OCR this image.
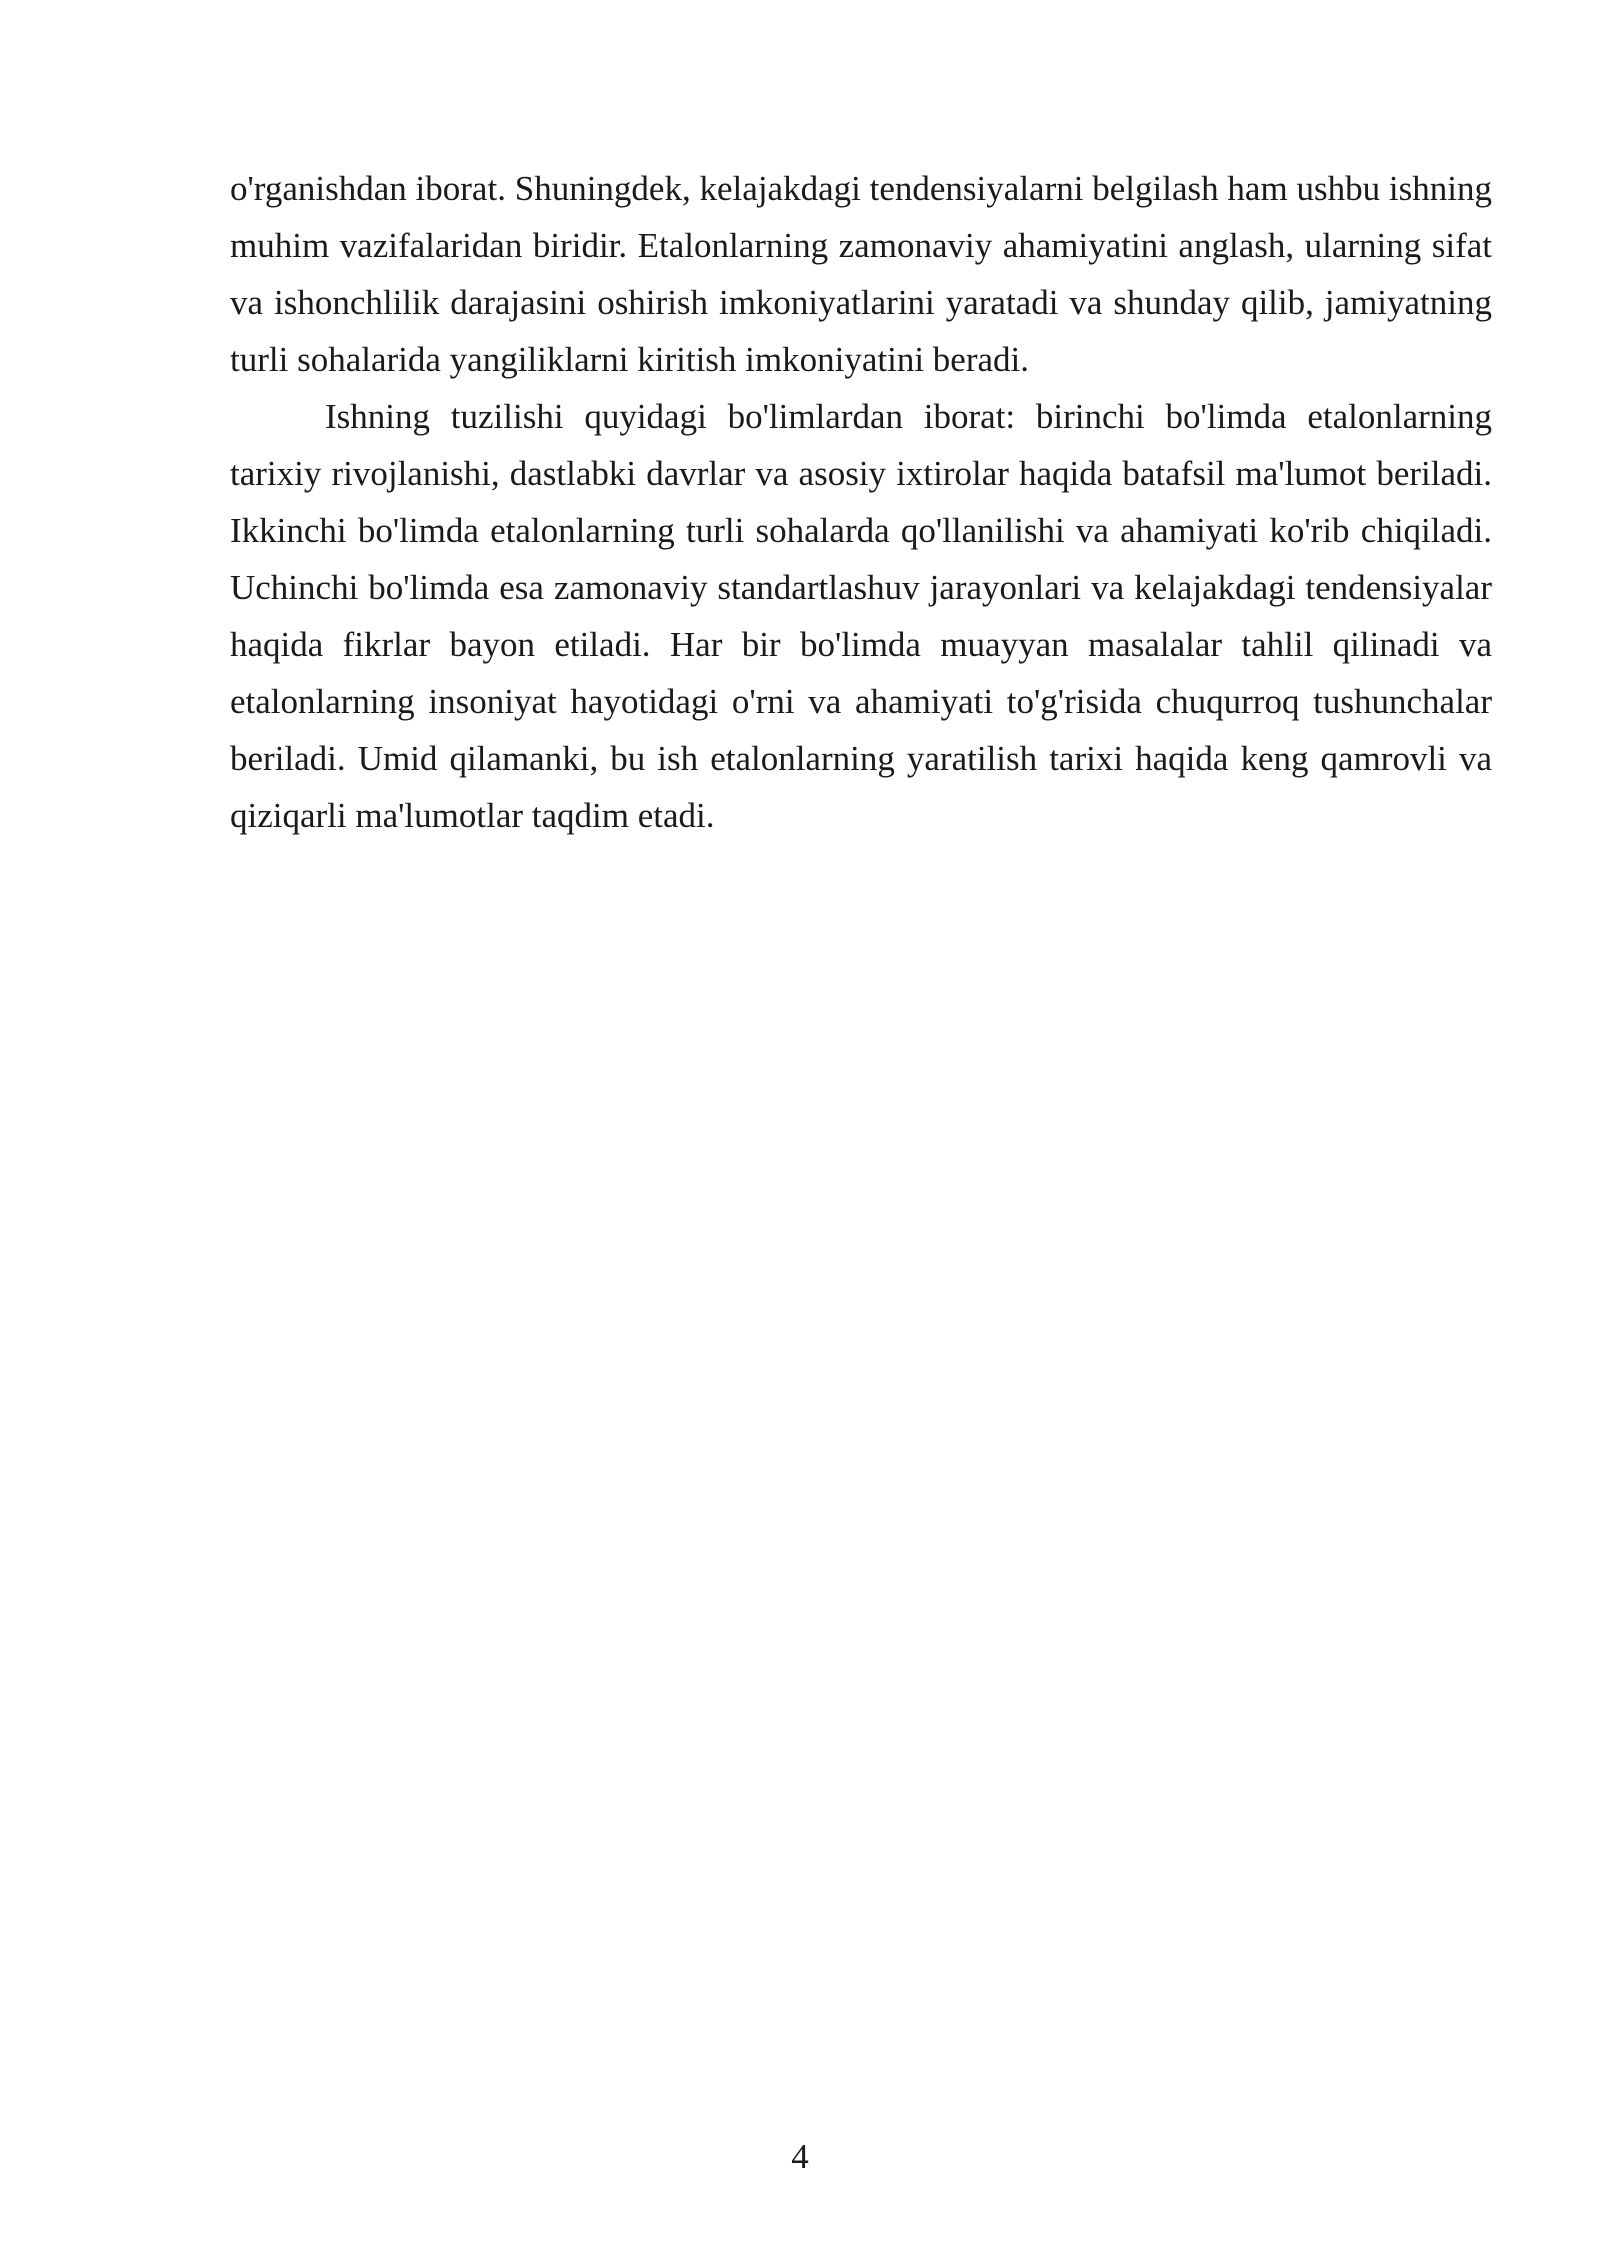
o'rganishdan iborat. Shuningdek, kelajakdagi tendensiyalarni belgilash ham ushbu ishning muhim vazifalaridan biridir. Etalonlarning zamonaviy ahamiyatini anglash, ularning sifat va ishonchlilik darajasini oshirish imkoniyatlarini yaratadi va shunday qilib, jamiyatning turli sohalarida yangiliklarni kiritish imkoniyatini beradi.

Ishning tuzilishi quyidagi bo'limlardan iborat: birinchi bo'limda etalonlarning tarixiy rivojlanishi, dastlabki davrlar va asosiy ixtirolar haqida batafsil ma'lumot beriladi. Ikkinchi bo'limda etalonlarning turli sohalarda qo'llanilishi va ahamiyati ko'rib chiqiladi. Uchinchi bo'limda esa zamonaviy standartlashuv jarayonlari va kelajakdagi tendensiyalar haqida fikrlar bayon etiladi. Har bir bo'limda muayyan masalalar tahlil qilinadi va etalonlarning insoniyat hayotidagi o'rni va ahamiyati to'g'risida chuqurroq tushunchalar beriladi. Umid qilamanki, bu ish etalonlarning yaratilish tarixi haqida keng qamrovli va qiziqarli ma'lumotlar taqdim etadi.

4
